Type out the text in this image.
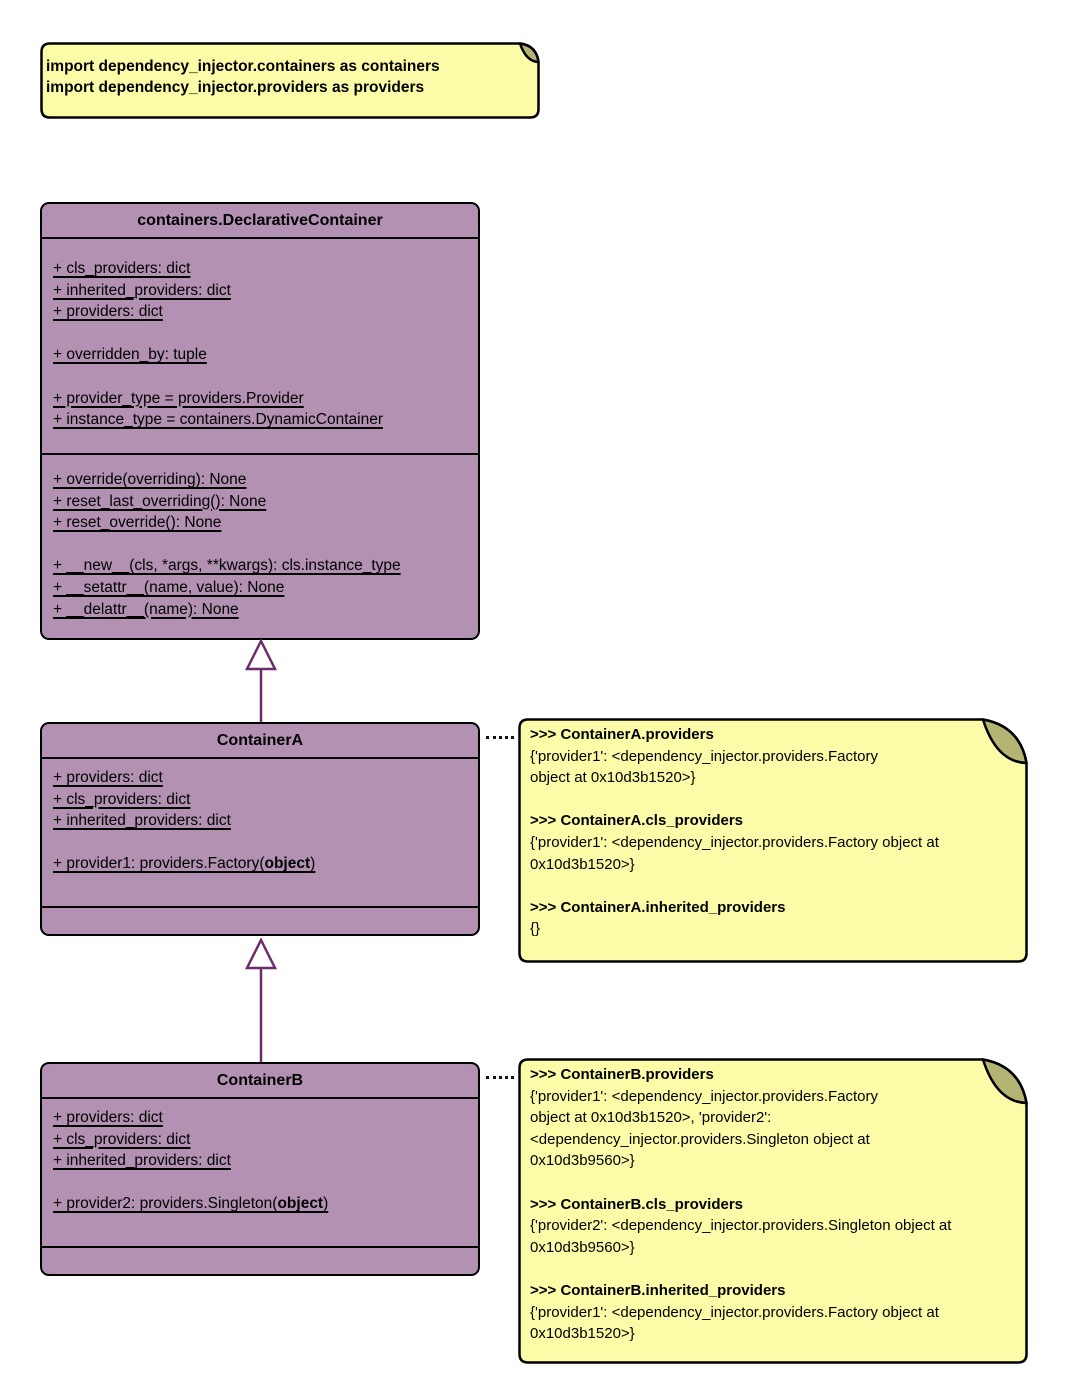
import dependency_injector.containers as containers
import dependency_injector.providers as providers
containers.DeclarativeContainer
+ cls_providers: dict
+ inherited_providers: dict
+ providers: dict
+ overridden_by: tuple
+ provider_type = providers.Provider
+ instance_type = containers.DynamicContainer
+ override(overriding): None
+ reset_last_overriding(): None
+ reset_override(): None
+ __new__(cls, *args, **kwargs): cls.instance_type
+ __setattr__(name, value): None
+ __delattr__(name): None
ContainerA
+ providers: dict
+ cls_providers: dict
+ inherited_providers: dict
+ provider1: providers.Factory(object)
>>> ContainerA.providers
{'provider1': <dependency_injector.providers.Factory
object at 0x10d3b1520>}
>>> ContainerA.cls_providers
{'provider1': <dependency_injector.providers.Factory object at
0x10d3b1520>}
>>> ContainerA.inherited_providers
{}
ContainerB
+ providers: dict
+ cls_providers: dict
+ inherited_providers: dict
+ provider2: providers.Singleton(object)
>>> ContainerB.providers
{'provider1': <dependency_injector.providers.Factory
object at 0x10d3b1520>, 'provider2':
<dependency_injector.providers.Singleton object at
0x10d3b9560>}
>>> ContainerB.cls_providers
{'provider2': <dependency_injector.providers.Singleton object at
0x10d3b9560>}
>>> ContainerB.inherited_providers
{'provider1': <dependency_injector.providers.Factory object at
0x10d3b1520>}
